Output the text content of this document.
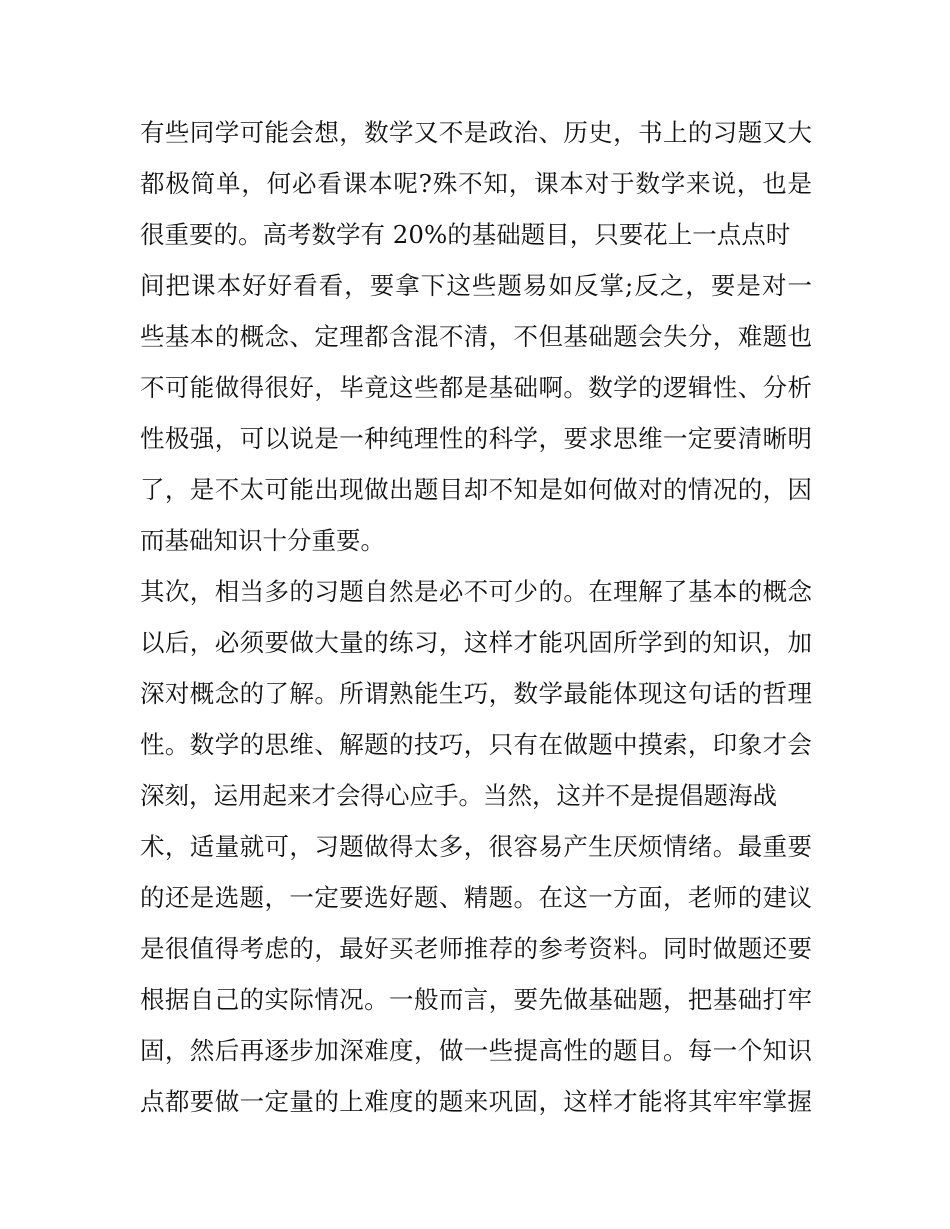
有些同学可能会想，数学又不是政治、历史，书上的习题又大
都极简单，何必看课本呢?殊不知，课本对于数学来说，也是
很重要的。高考数学有 20%的基础题目，只要花上一点点时
间把课本好好看看，要拿下这些题易如反掌;反之，要是对一
些基本的概念、定理都含混不清，不但基础题会失分，难题也
不可能做得很好，毕竟这些都是基础啊。数学的逻辑性、分析
性极强，可以说是一种纯理性的科学，要求思维一定要清晰明
了，是不太可能出现做出题目却不知是如何做对的情况的，因
而基础知识十分重要。
其次，相当多的习题自然是必不可少的。在理解了基本的概念
以后，必须要做大量的练习，这样才能巩固所学到的知识，加
深对概念的了解。所谓熟能生巧，数学最能体现这句话的哲理
性。数学的思维、解题的技巧，只有在做题中摸索，印象才会
深刻，运用起来才会得心应手。当然，这并不是提倡题海战
术，适量就可，习题做得太多，很容易产生厌烦情绪。最重要
的还是选题，一定要选好题、精题。在这一方面，老师的建议
是很值得考虑的，最好买老师推荐的参考资料。同时做题还要
根据自己的实际情况。一般而言，要先做基础题，把基础打牢
固，然后再逐步加深难度，做一些提高性的题目。每一个知识
点都要做一定量的上难度的题来巩固，这样才能将其牢牢掌握
